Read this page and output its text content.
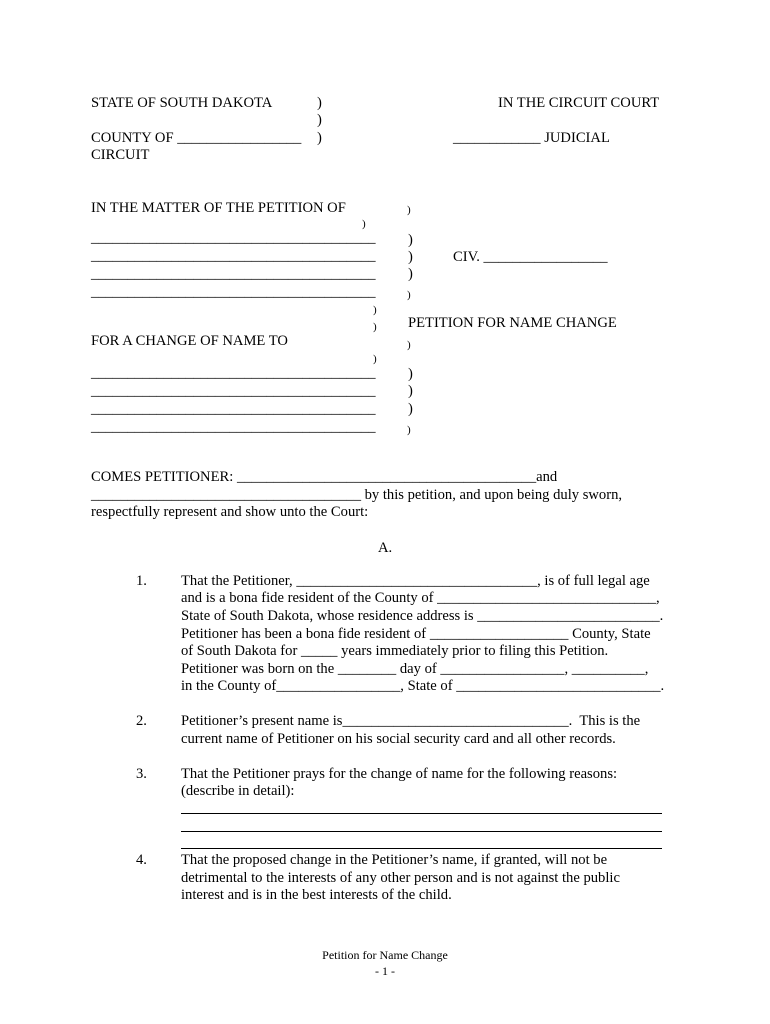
STATE OF SOUTH DAKOTA	)	IN THE CIRCUIT COURT
)
COUNTY OF _________________ )	____________ JUDICIAL
CIRCUIT
IN THE MATTER OF THE PETITION OF	)
)
_______________________________________ )
_______________________________________ )	CIV. _________________
_______________________________________ )
_______________________________________	)
)
) PETITION FOR NAME CHANGE
FOR A CHANGE OF NAME TO	)
)
_______________________________________ )
_______________________________________ )
_______________________________________ )
_______________________________________	)
COMES PETITIONER: _________________________________________and
_____________________________________ by this petition, and upon being duly sworn,
respectfully represent and show unto the Court:
A.
1. That the Petitioner, _________________________________, is of full legal age
and is a bona fide resident of the County of ______________________________,
State of South Dakota, whose residence address is _________________________.
Petitioner has been a bona fide resident of ___________________ County, State
of South Dakota for _____ years immediately prior to filing this Petition.
Petitioner was born on the ________ day of _________________, __________,
in the County of_________________, State of ____________________________.
2. Petitioner’s present name is_______________________________.  This is the
current name of Petitioner on his social security card and all other records.
3. That the Petitioner prays for the change of name for the following reasons:
(describe in detail):
4. That the proposed change in the Petitioner’s name, if granted, will not be
detrimental to the interests of any other person and is not against the public
interest and is in the best interests of the child.
Petition for Name Change
- 1 -
